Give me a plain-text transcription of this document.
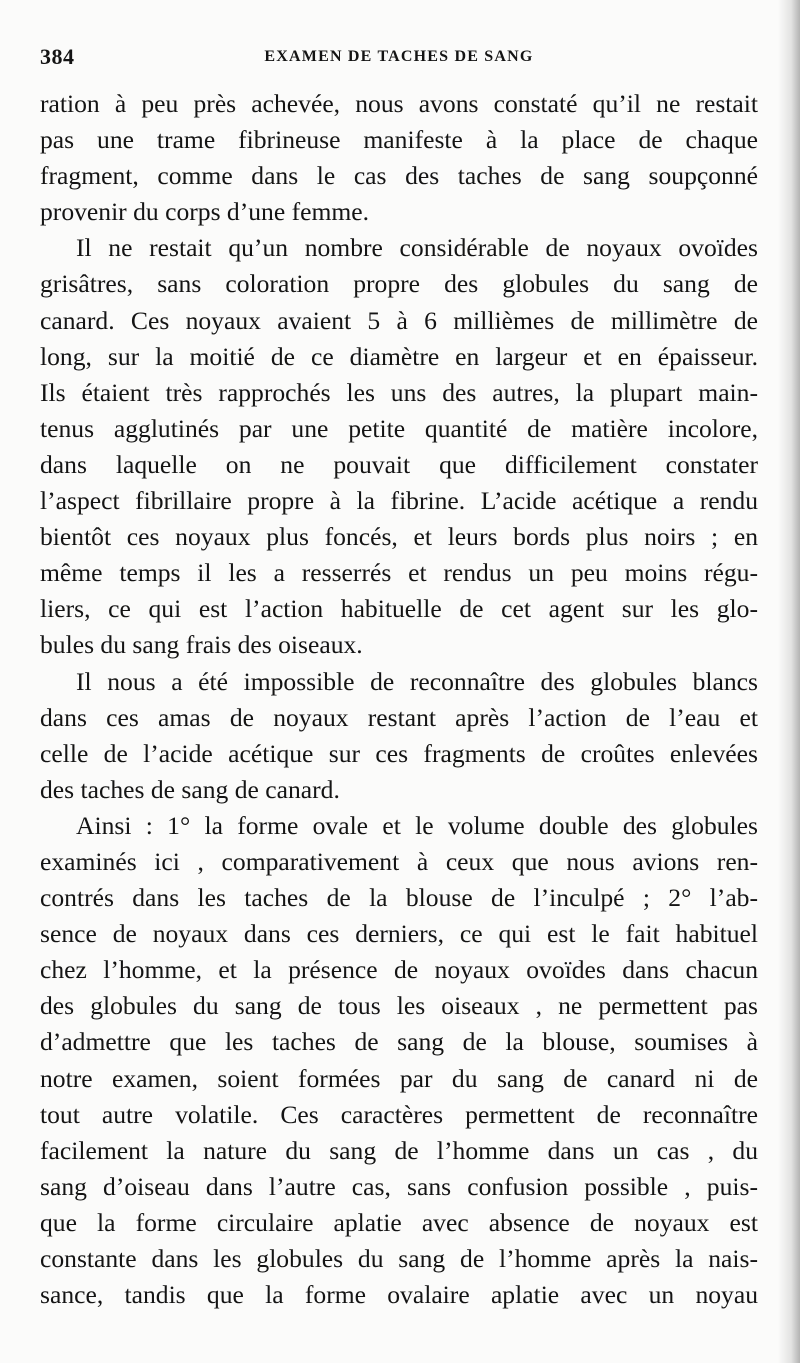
384	EXAMEN DE TACHES DE SANG
ration à peu près achevée, nous avons constaté qu’il ne restait
pas une trame fibrineuse manifeste à la place de chaque
fragment, comme dans le cas des taches de sang soupçonné
provenir du corps d’une femme.
Il ne restait qu’un nombre considérable de noyaux ovoïdes
grisâtres, sans coloration propre des globules du sang de
canard. Ces noyaux avaient 5 à 6 millièmes de millimètre de
long, sur la moitié de ce diamètre en largeur et en épaisseur.
Ils étaient très rapprochés les uns des autres, la plupart main-
tenus agglutinés par une petite quantité de matière incolore,
dans laquelle on ne pouvait que difficilement constater
l’aspect fibrillaire propre à la fibrine. L’acide acétique a rendu
bientôt ces noyaux plus foncés, et leurs bords plus noirs ; en
même temps il les a resserrés et rendus un peu moins régu-
liers, ce qui est l’action habituelle de cet agent sur les glo-
bules du sang frais des oiseaux.
Il nous a été impossible de reconnaître des globules blancs
dans ces amas de noyaux restant après l’action de l’eau et
celle de l’acide acétique sur ces fragments de croûtes enlevées
des taches de sang de canard.
Ainsi : 1° la forme ovale et le volume double des globules
examinés ici , comparativement à ceux que nous avions ren-
contrés dans les taches de la blouse de l’inculpé ; 2° l’ab-
sence de noyaux dans ces derniers, ce qui est le fait habituel
chez l’homme, et la présence de noyaux ovoïdes dans chacun
des globules du sang de tous les oiseaux , ne permettent pas
d’admettre que les taches de sang de la blouse, soumises à
notre examen, soient formées par du sang de canard ni de
tout autre volatile. Ces caractères permettent de reconnaître
facilement la nature du sang de l’homme dans un cas , du
sang d’oiseau dans l’autre cas, sans confusion possible , puis-
que la forme circulaire aplatie avec absence de noyaux est
constante dans les globules du sang de l’homme après la nais-
sance, tandis que la forme ovalaire aplatie avec un noyau
